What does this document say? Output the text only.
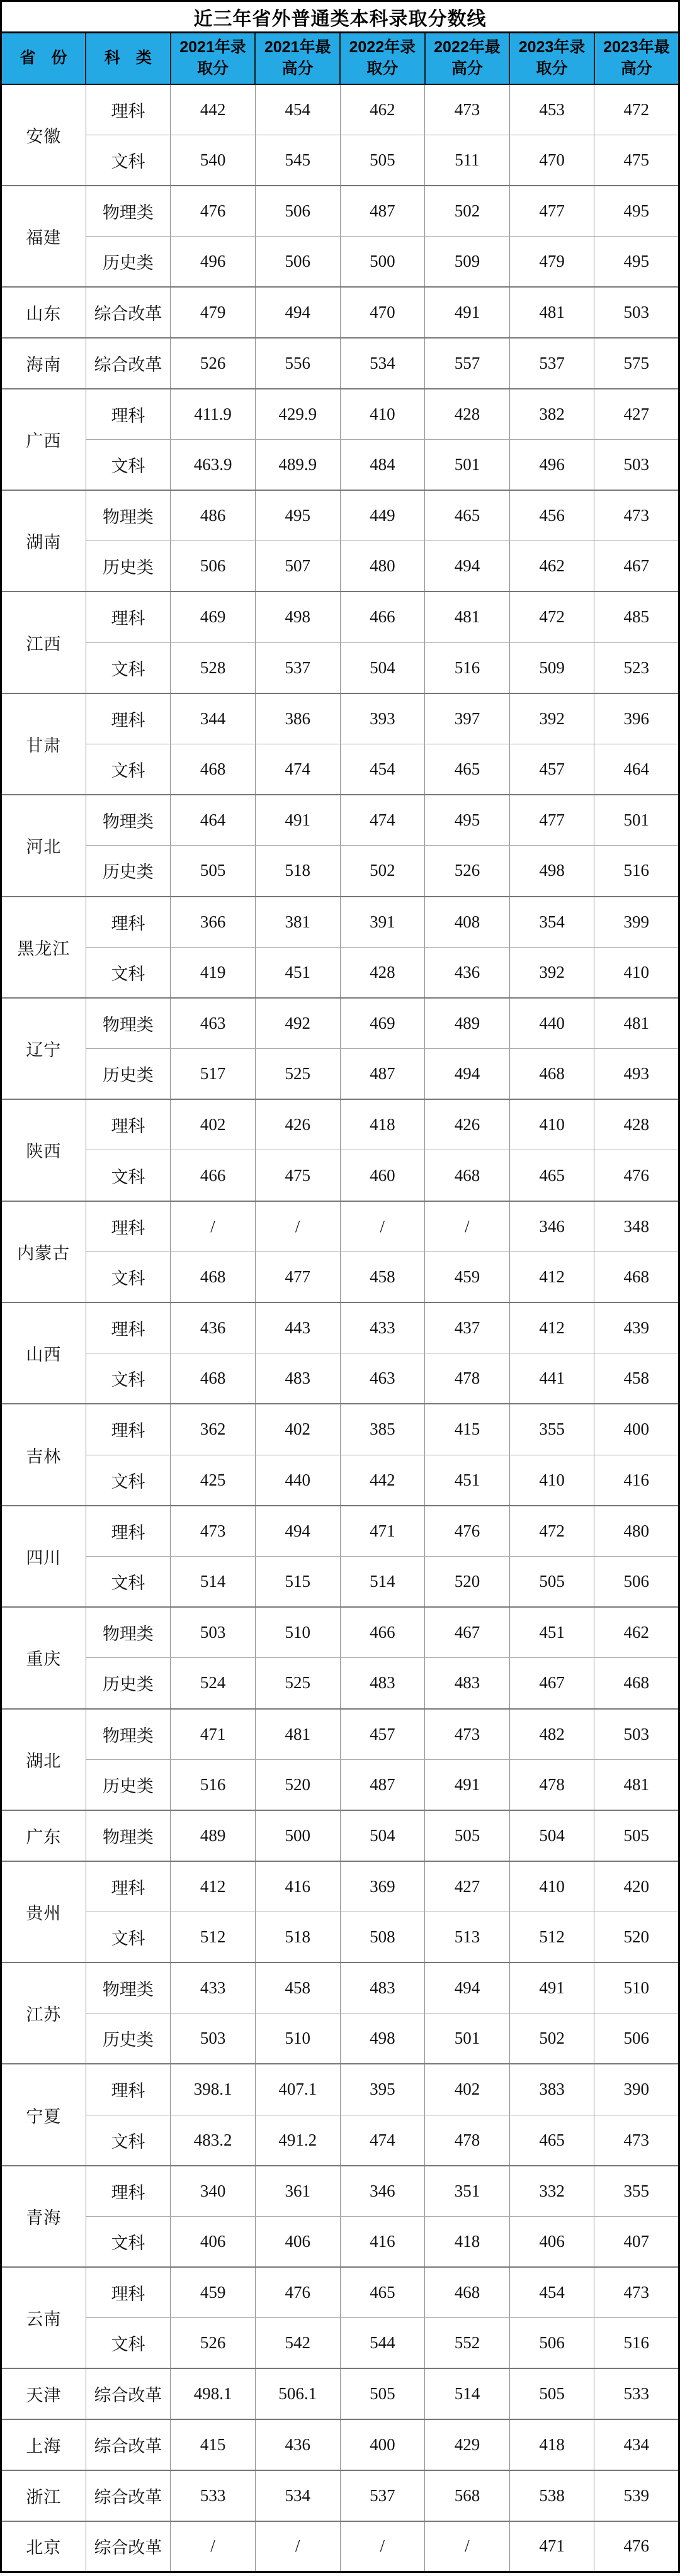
近三年省外普通类本科录取分数线
省　份	科　类	2021年录取分	2021年最高分	2022年录取分	2022年最高分	2023年录取分	2023年最高分
安徽	理科	442	454	462	473	453	472
	文科	540	545	505	511	470	475
福建	物理类	476	506	487	502	477	495
	历史类	496	506	500	509	479	495
山东	综合改革	479	494	470	491	481	503
海南	综合改革	526	556	534	557	537	575
广西	理科	411.9	429.9	410	428	382	427
	文科	463.9	489.9	484	501	496	503
湖南	物理类	486	495	449	465	456	473
	历史类	506	507	480	494	462	467
江西	理科	469	498	466	481	472	485
	文科	528	537	504	516	509	523
甘肃	理科	344	386	393	397	392	396
	文科	468	474	454	465	457	464
河北	物理类	464	491	474	495	477	501
	历史类	505	518	502	526	498	516
黑龙江	理科	366	381	391	408	354	399
	文科	419	451	428	436	392	410
辽宁	物理类	463	492	469	489	440	481
	历史类	517	525	487	494	468	493
陕西	理科	402	426	418	426	410	428
	文科	466	475	460	468	465	476
内蒙古	理科	/	/	/	/	346	348
	文科	468	477	458	459	412	468
山西	理科	436	443	433	437	412	439
	文科	468	483	463	478	441	458
吉林	理科	362	402	385	415	355	400
	文科	425	440	442	451	410	416
四川	理科	473	494	471	476	472	480
	文科	514	515	514	520	505	506
重庆	物理类	503	510	466	467	451	462
	历史类	524	525	483	483	467	468
湖北	物理类	471	481	457	473	482	503
	历史类	516	520	487	491	478	481
广东	物理类	489	500	504	505	504	505
贵州	理科	412	416	369	427	410	420
	文科	512	518	508	513	512	520
江苏	物理类	433	458	483	494	491	510
	历史类	503	510	498	501	502	506
宁夏	理科	398.1	407.1	395	402	383	390
	文科	483.2	491.2	474	478	465	473
青海	理科	340	361	346	351	332	355
	文科	406	406	416	418	406	407
云南	理科	459	476	465	468	454	473
	文科	526	542	544	552	506	516
天津	综合改革	498.1	506.1	505	514	505	533
上海	综合改革	415	436	400	429	418	434
浙江	综合改革	533	534	537	568	538	539
北京	综合改革	/	/	/	/	471	476
